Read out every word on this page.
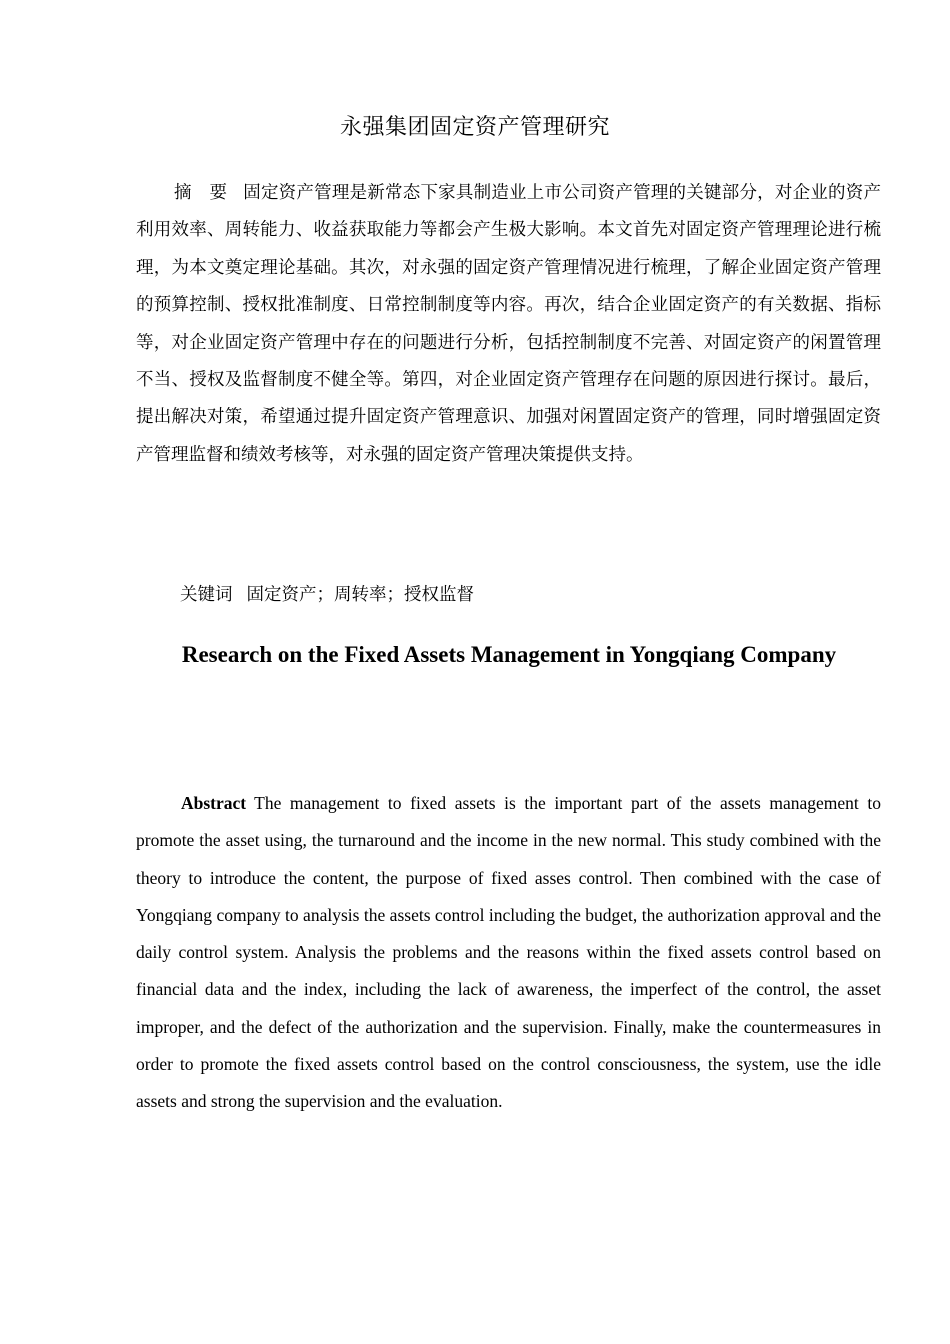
永强集团固定资产管理研究

摘 要 固定资产管理是新常态下家具制造业上市公司资产管理的关键部分，对企业的资产利用效率、周转能力、收益获取能力等都会产生极大影响。本文首先对固定资产管理理论进行梳理，为本文奠定理论基础。其次，对永强的固定资产管理情况进行梳理，了解企业固定资产管理的预算控制、授权批准制度、日常控制制度等内容。再次，结合企业固定资产的有关数据、指标等，对企业固定资产管理中存在的问题进行分析，包括控制制度不完善、对固定资产的闲置管理不当、授权及监督制度不健全等。第四，对企业固定资产管理存在问题的原因进行探讨。最后，提出解决对策，希望通过提升固定资产管理意识、加强对闲置固定资产的管理，同时增强固定资产管理监督和绩效考核等，对永强的固定资产管理决策提供支持。

关键词 固定资产；周转率；授权监督
Research on the Fixed Assets Management in Yongqiang Company

Abstract The management to fixed assets is the important part of the assets management to promote the asset using, the turnaround and the income in the new normal. This study combined with the theory to introduce the content, the purpose of fixed asses control. Then combined with the case of Yongqiang company to analysis the assets control including the budget, the authorization approval and the daily control system. Analysis the problems and the reasons within the fixed assets control based on financial data and the index, including the lack of awareness, the imperfect of the control, the asset improper, and the defect of the authorization and the supervision. Finally, make the countermeasures in order to promote the fixed assets control based on the control consciousness, the system, use the idle assets and strong the supervision and the evaluation.
